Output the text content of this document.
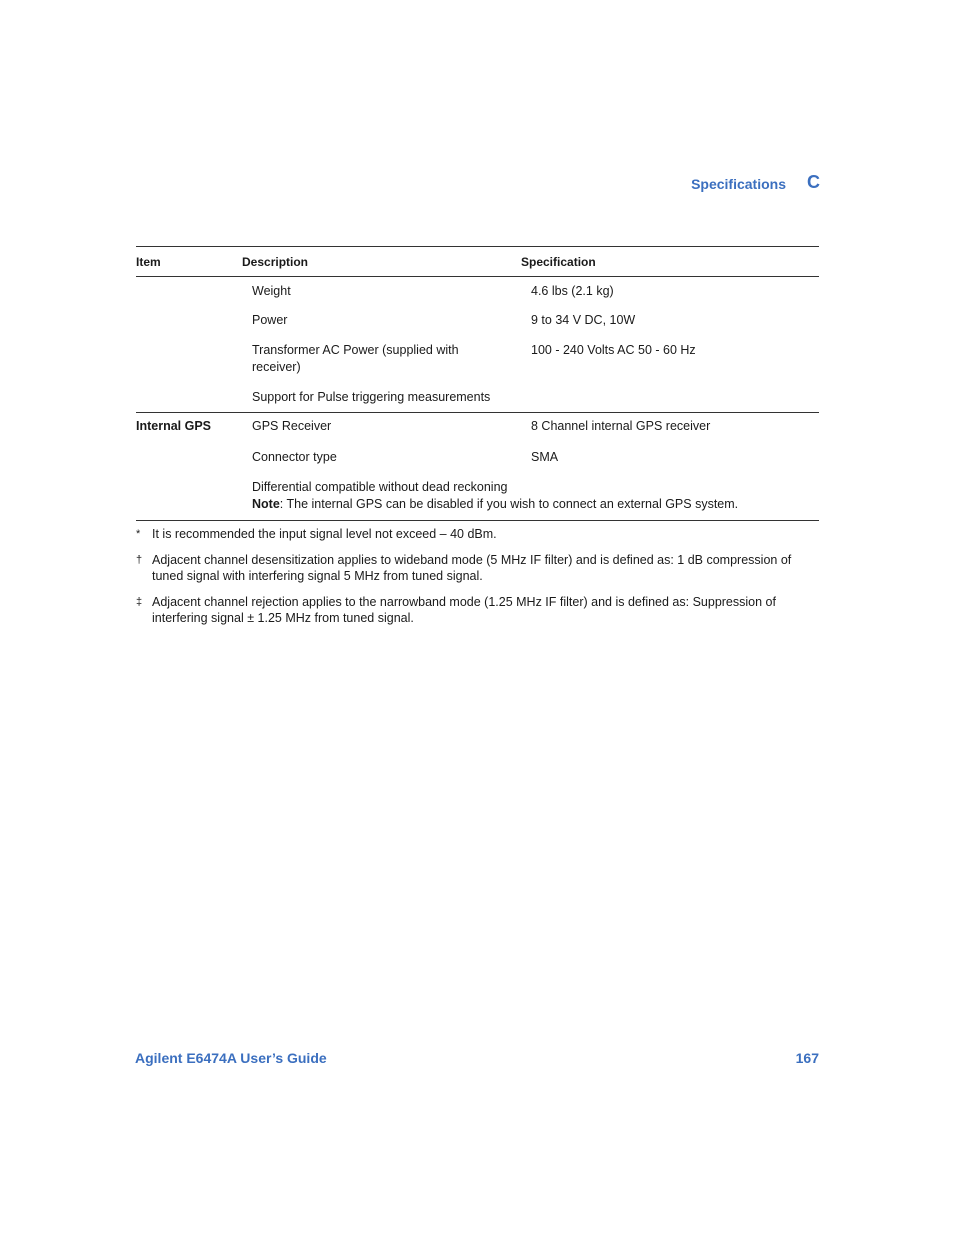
Specifications C
Item	Description	Specification
	Weight	4.6 lbs (2.1 kg)
	Power	9 to 34 V DC, 10W
	Transformer AC Power (supplied with receiver)	100 - 240 Volts AC 50 - 60 Hz
	Support for Pulse triggering measurements	
Internal GPS	GPS Receiver	8 Channel internal GPS receiver
	Connector type	SMA

	Differential compatible without dead reckoning
Note: The internal GPS can be disabled if you wish to connect an external GPS system.	
* It is recommended the input signal level not exceed – 40 dBm.
† Adjacent channel desensitization applies to wideband mode (5 MHz IF filter) and is defined as: 1 dB compression of tuned signal with interfering signal 5 MHz from tuned signal.
‡ Adjacent channel rejection applies to the narrowband mode (1.25 MHz IF filter) and is defined as: Suppression of interfering signal ± 1.25 MHz from tuned signal.
Agilent E6474A User’s Guide	167
